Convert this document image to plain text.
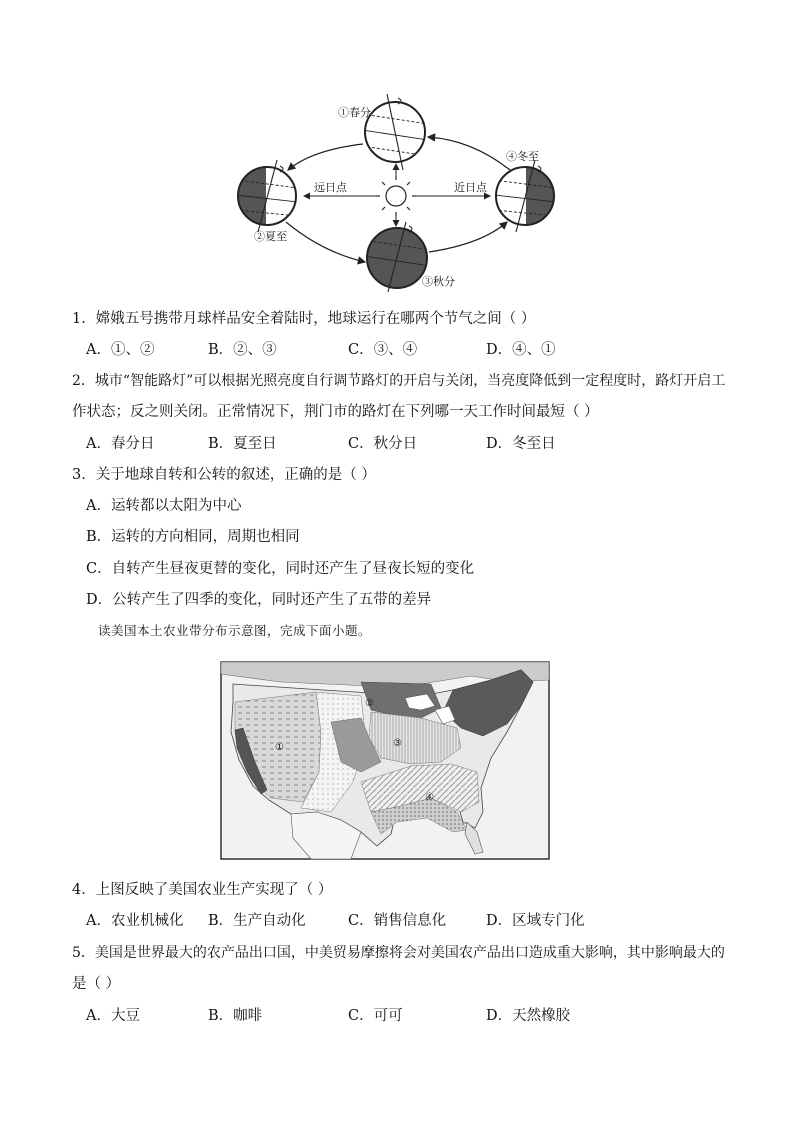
①春分
④冬至
②夏至
③秋分
远日点	近日点
1．嫦娥五号携带月球样品安全着陆时，地球运行在哪两个节气之间（ ）
A．①、②	B．②、③	C．③、④	D．④、①
2．城市“智能路灯”可以根据光照亮度自行调节路灯的开启与关闭，当亮度降低到一定程度时，路灯开启工
作状态；反之则关闭。正常情况下，荆门市的路灯在下列哪一天工作时间最短（ ）
A．春分日	B．夏至日	C．秋分日	D．冬至日
3．关于地球自转和公转的叙述，正确的是（ ）
A．运转都以太阳为中心
B．运转的方向相同，周期也相同
C．自转产生昼夜更替的变化，同时还产生了昼夜长短的变化
D．公转产生了四季的变化，同时还产生了五带的差异
读美国本土农业带分布示意图，完成下面小题。
①
②
③
④
4．上图反映了美国农业生产实现了（ ）
A．农业机械化 B．生产自动化	C．销售信息化	D．区域专门化
5．美国是世界最大的农产品出口国，中美贸易摩擦将会对美国农产品出口造成重大影响，其中影响最大的
是（ ）
A．大豆	B．咖啡	C．可可	D．天然橡胶
